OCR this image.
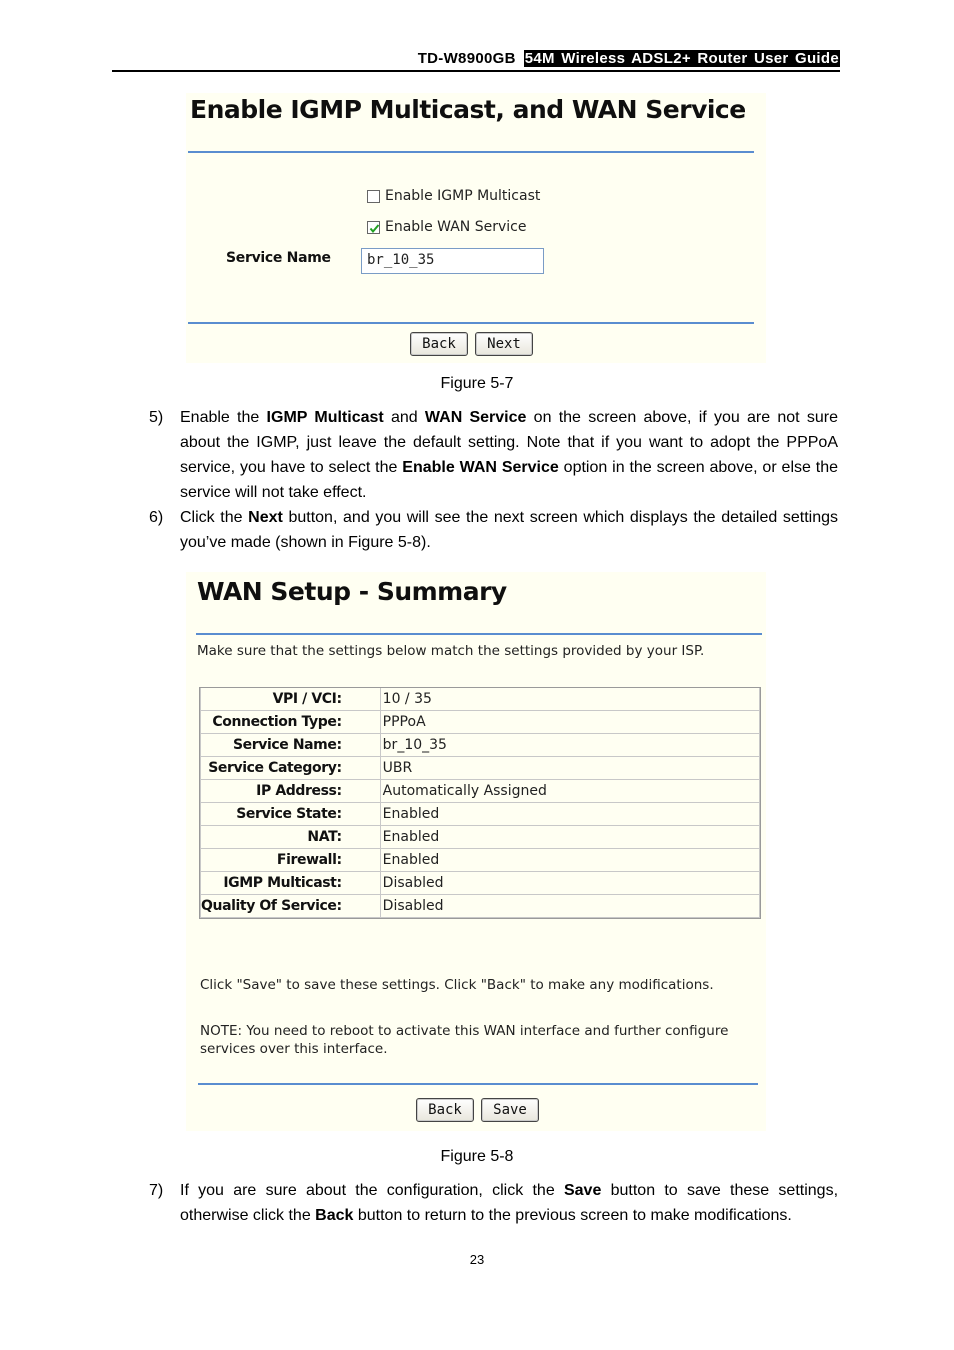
TD-W8900GB 54M Wireless ADSL2+ Router User Guide
Enable IGMP Multicast, and WAN Service
Enable IGMP Multicast
Enable WAN Service
Service Name	br_10_35
Back	Next
Figure 5-7
5) Enable the IGMP Multicast and WAN Service on the screen above, if you are not sure about the IGMP, just leave the default setting. Note that if you want to adopt the PPPoA service, you have to select the Enable WAN Service option in the screen above, or else the service will not take effect.

6) Click the Next button, and you will see the next screen which displays the detailed settings you’ve made (shown in Figure 5-8).

WAN Setup - Summary
Make sure that the settings below match the settings provided by your ISP.
VPI / VCI:	10 / 35
Connection Type:	PPPoA
Service Name:	br_10_35
Service Category:	UBR
IP Address:	Automatically Assigned
Service State:	Enabled
NAT:	Enabled
Firewall:	Enabled
IGMP Multicast:	Disabled
Quality Of Service:	Disabled
Click "Save" to save these settings. Click "Back" to make any modifications.
NOTE: You need to reboot to activate this WAN interface and further configure
services over this interface.
Back	Save
Figure 5-8
7) If you are sure about the configuration, click the Save button to save these settings, otherwise click the Back button to return to the previous screen to make modifications.

23
